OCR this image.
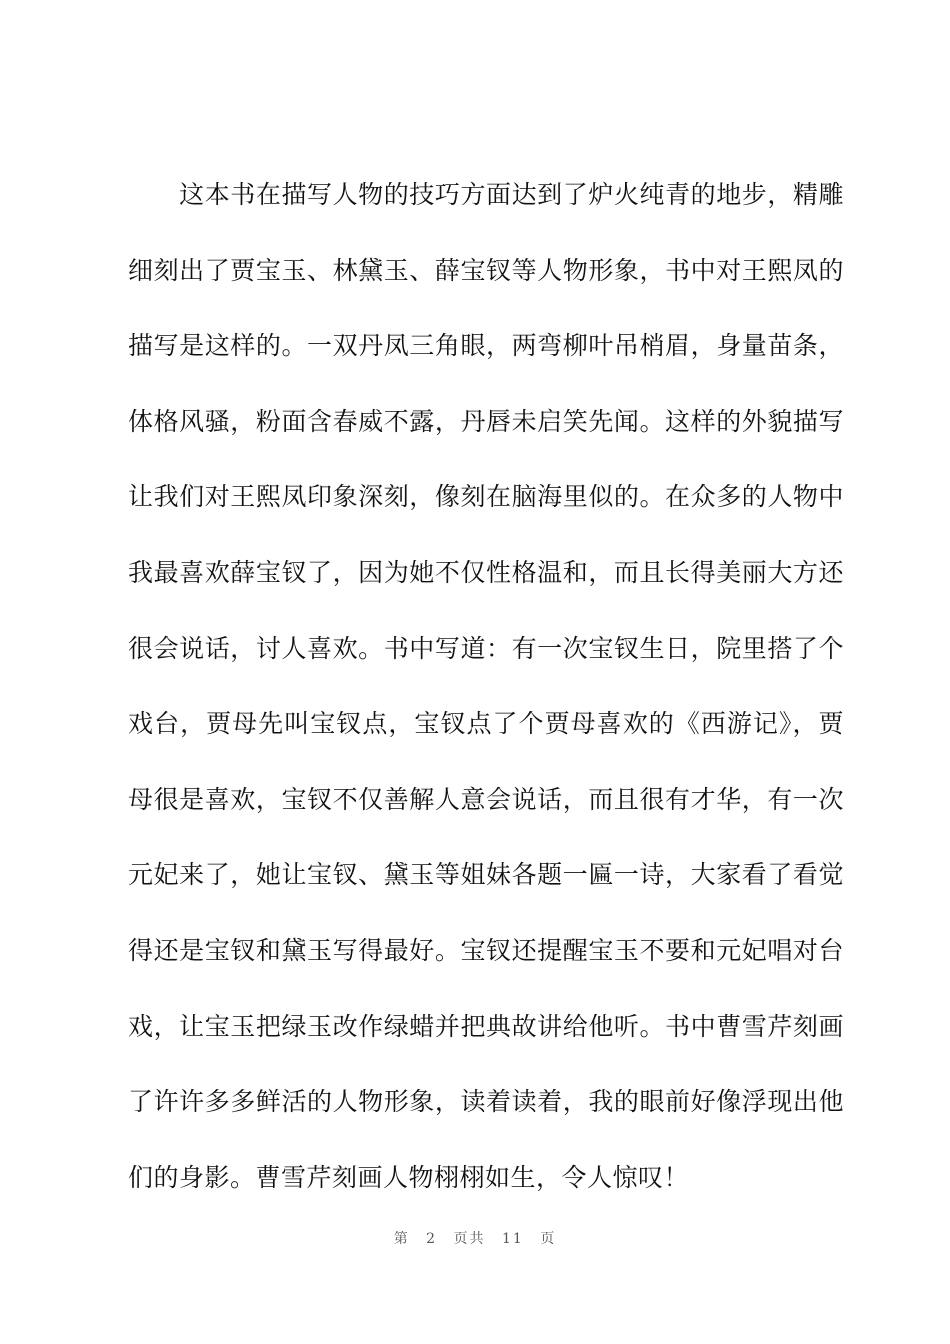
　　这本书在描写人物的技巧方面达到了炉火纯青的地步，精雕
细刻出了贾宝玉、林黛玉、薛宝钗等人物形象，书中对王熙凤的
描写是这样的。一双丹凤三角眼，两弯柳叶吊梢眉，身量苗条，
体格风骚，粉面含春威不露，丹唇未启笑先闻。这样的外貌描写
让我们对王熙凤印象深刻，像刻在脑海里似的。在众多的人物中
我最喜欢薛宝钗了，因为她不仅性格温和，而且长得美丽大方还
很会说话，讨人喜欢。书中写道：有一次宝钗生日，院里搭了个
戏台，贾母先叫宝钗点，宝钗点了个贾母喜欢的《西游记》，贾
母很是喜欢，宝钗不仅善解人意会说话，而且很有才华，有一次
元妃来了，她让宝钗、黛玉等姐妹各题一匾一诗，大家看了看觉
得还是宝钗和黛玉写得最好。宝钗还提醒宝玉不要和元妃唱对台
戏，让宝玉把绿玉改作绿蜡并把典故讲给他听。书中曹雪芹刻画
了许许多多鲜活的人物形象，读着读着，我的眼前好像浮现出他
们的身影。曹雪芹刻画人物栩栩如生，令人惊叹！
第 2 页共 11 页
